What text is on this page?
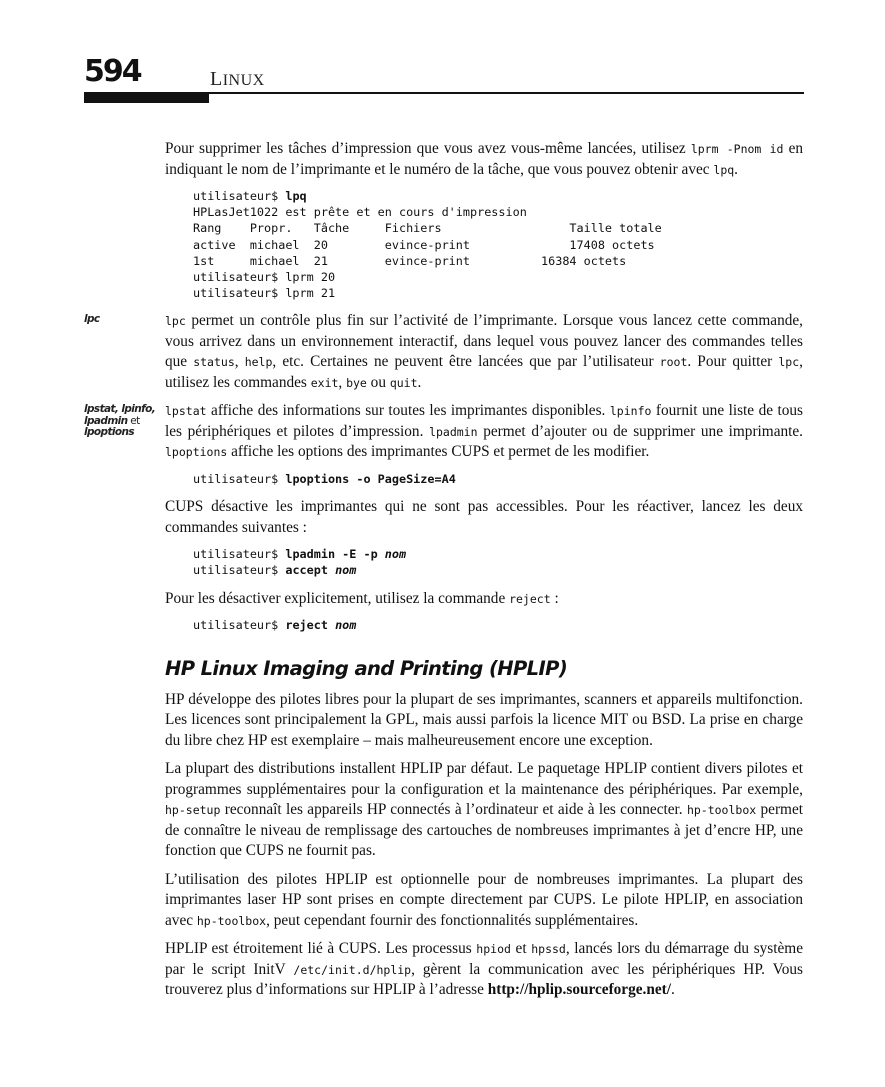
594	LINUX

Pour supprimer les tâches d’impression que vous avez vous-même lancées, utilisez lprm -Pnom id en indiquant le nom de l’imprimante et le numéro de la tâche, que vous pouvez obtenir avec lpq.

utilisateur$ lpq
HPLasJet1022 est prête et en cours d'impression
Rang    Propr.   Tâche     Fichiers                  Taille totale
active  michael  20        evince-print              17408 octets
1st     michael  21        evince-print          16384 octets
utilisateur$ lprm 20
utilisateur$ lprm 21
lpc	lpc permet un contrôle plus fin sur l’activité de l’imprimante. Lorsque vous lancez cette commande, vous arrivez dans un environnement interactif, dans lequel vous pouvez lancer des commandes telles que status, help, etc. Certaines ne peuvent être lancées que par l’utilisateur root. Pour quitter lpc, utilisez les commandes exit, bye ou quit.

lpstat, lpinfo,
lpadmin et
lpoptions

lpstat affiche des informations sur toutes les imprimantes disponibles. lpinfo fournit une liste de tous les périphériques et pilotes d’impression. lpadmin permet d’ajouter ou de supprimer une imprimante. lpoptions affiche les options des imprimantes CUPS et permet de les modifier.

utilisateur$ lpoptions -o PageSize=A4

CUPS désactive les imprimantes qui ne sont pas accessibles. Pour les réactiver, lancez les deux commandes suivantes :

utilisateur$ lpadmin -E -p nom
utilisateur$ accept nom

Pour les désactiver explicitement, utilisez la commande reject :

utilisateur$ reject nom
HP Linux Imaging and Printing (HPLIP)

HP développe des pilotes libres pour la plupart de ses imprimantes, scanners et appareils multifonction. Les licences sont principalement la GPL, mais aussi parfois la licence MIT ou BSD. La prise en charge du libre chez HP est exemplaire – mais malheureusement encore une exception.

La plupart des distributions installent HPLIP par défaut. Le paquetage HPLIP contient divers pilotes et programmes supplémentaires pour la configuration et la maintenance des périphériques. Par exemple, hp-setup reconnaît les appareils HP connectés à l’ordinateur et aide à les connecter. hp-toolbox permet de connaître le niveau de remplissage des cartouches de nombreuses imprimantes à jet d’encre HP, une fonction que CUPS ne fournit pas.

L’utilisation des pilotes HPLIP est optionnelle pour de nombreuses imprimantes. La plupart des imprimantes laser HP sont prises en compte directement par CUPS. Le pilote HPLIP, en association avec hp-toolbox, peut cependant fournir des fonctionnalités supplémentaires.

HPLIP est étroitement lié à CUPS. Les processus hpiod et hpssd, lancés lors du démarrage du système par le script InitV /etc/init.d/hplip, gèrent la communication avec les périphériques HP. Vous trouverez plus d’informations sur HPLIP à l’adresse http://hplip.sourceforge.net/.
